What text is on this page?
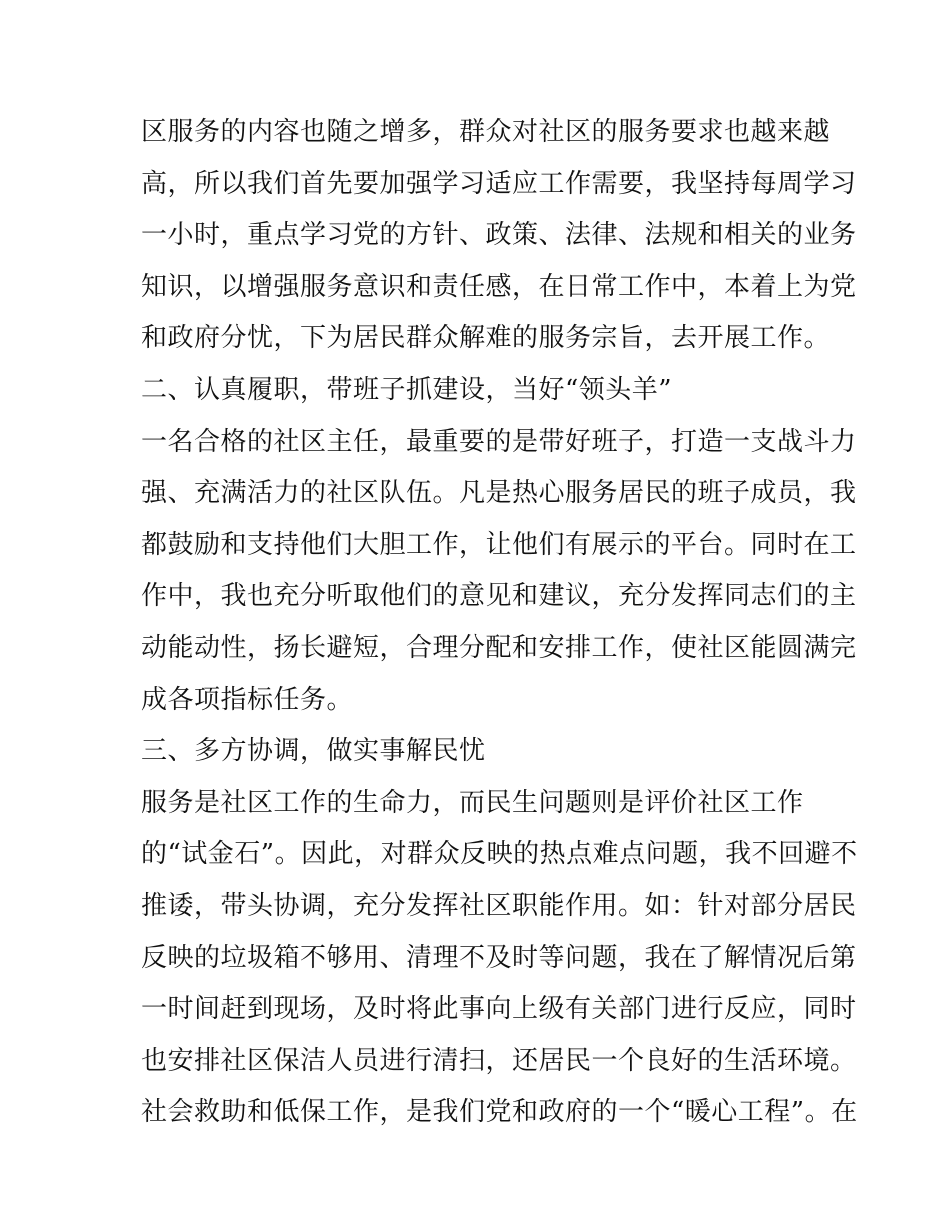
区服务的内容也随之增多，群众对社区的服务要求也越来越
高，所以我们首先要加强学习适应工作需要，我坚持每周学习
一小时，重点学习党的方针、政策、法律、法规和相关的业务
知识，以增强服务意识和责任感，在日常工作中，本着上为党
和政府分忧，下为居民群众解难的服务宗旨，去开展工作。
二、认真履职，带班子抓建设，当好“领头羊”
一名合格的社区主任，最重要的是带好班子，打造一支战斗力
强、充满活力的社区队伍。凡是热心服务居民的班子成员，我
都鼓励和支持他们大胆工作，让他们有展示的平台。同时在工
作中，我也充分听取他们的意见和建议，充分发挥同志们的主
动能动性，扬长避短，合理分配和安排工作，使社区能圆满完
成各项指标任务。
三、多方协调，做实事解民忧
服务是社区工作的生命力，而民生问题则是评价社区工作
的“试金石”。因此，对群众反映的热点难点问题，我不回避不
推诿，带头协调，充分发挥社区职能作用。如：针对部分居民
反映的垃圾箱不够用、清理不及时等问题，我在了解情况后第
一时间赶到现场，及时将此事向上级有关部门进行反应，同时
也安排社区保洁人员进行清扫，还居民一个良好的生活环境。
社会救助和低保工作，是我们党和政府的一个“暖心工程”。在
